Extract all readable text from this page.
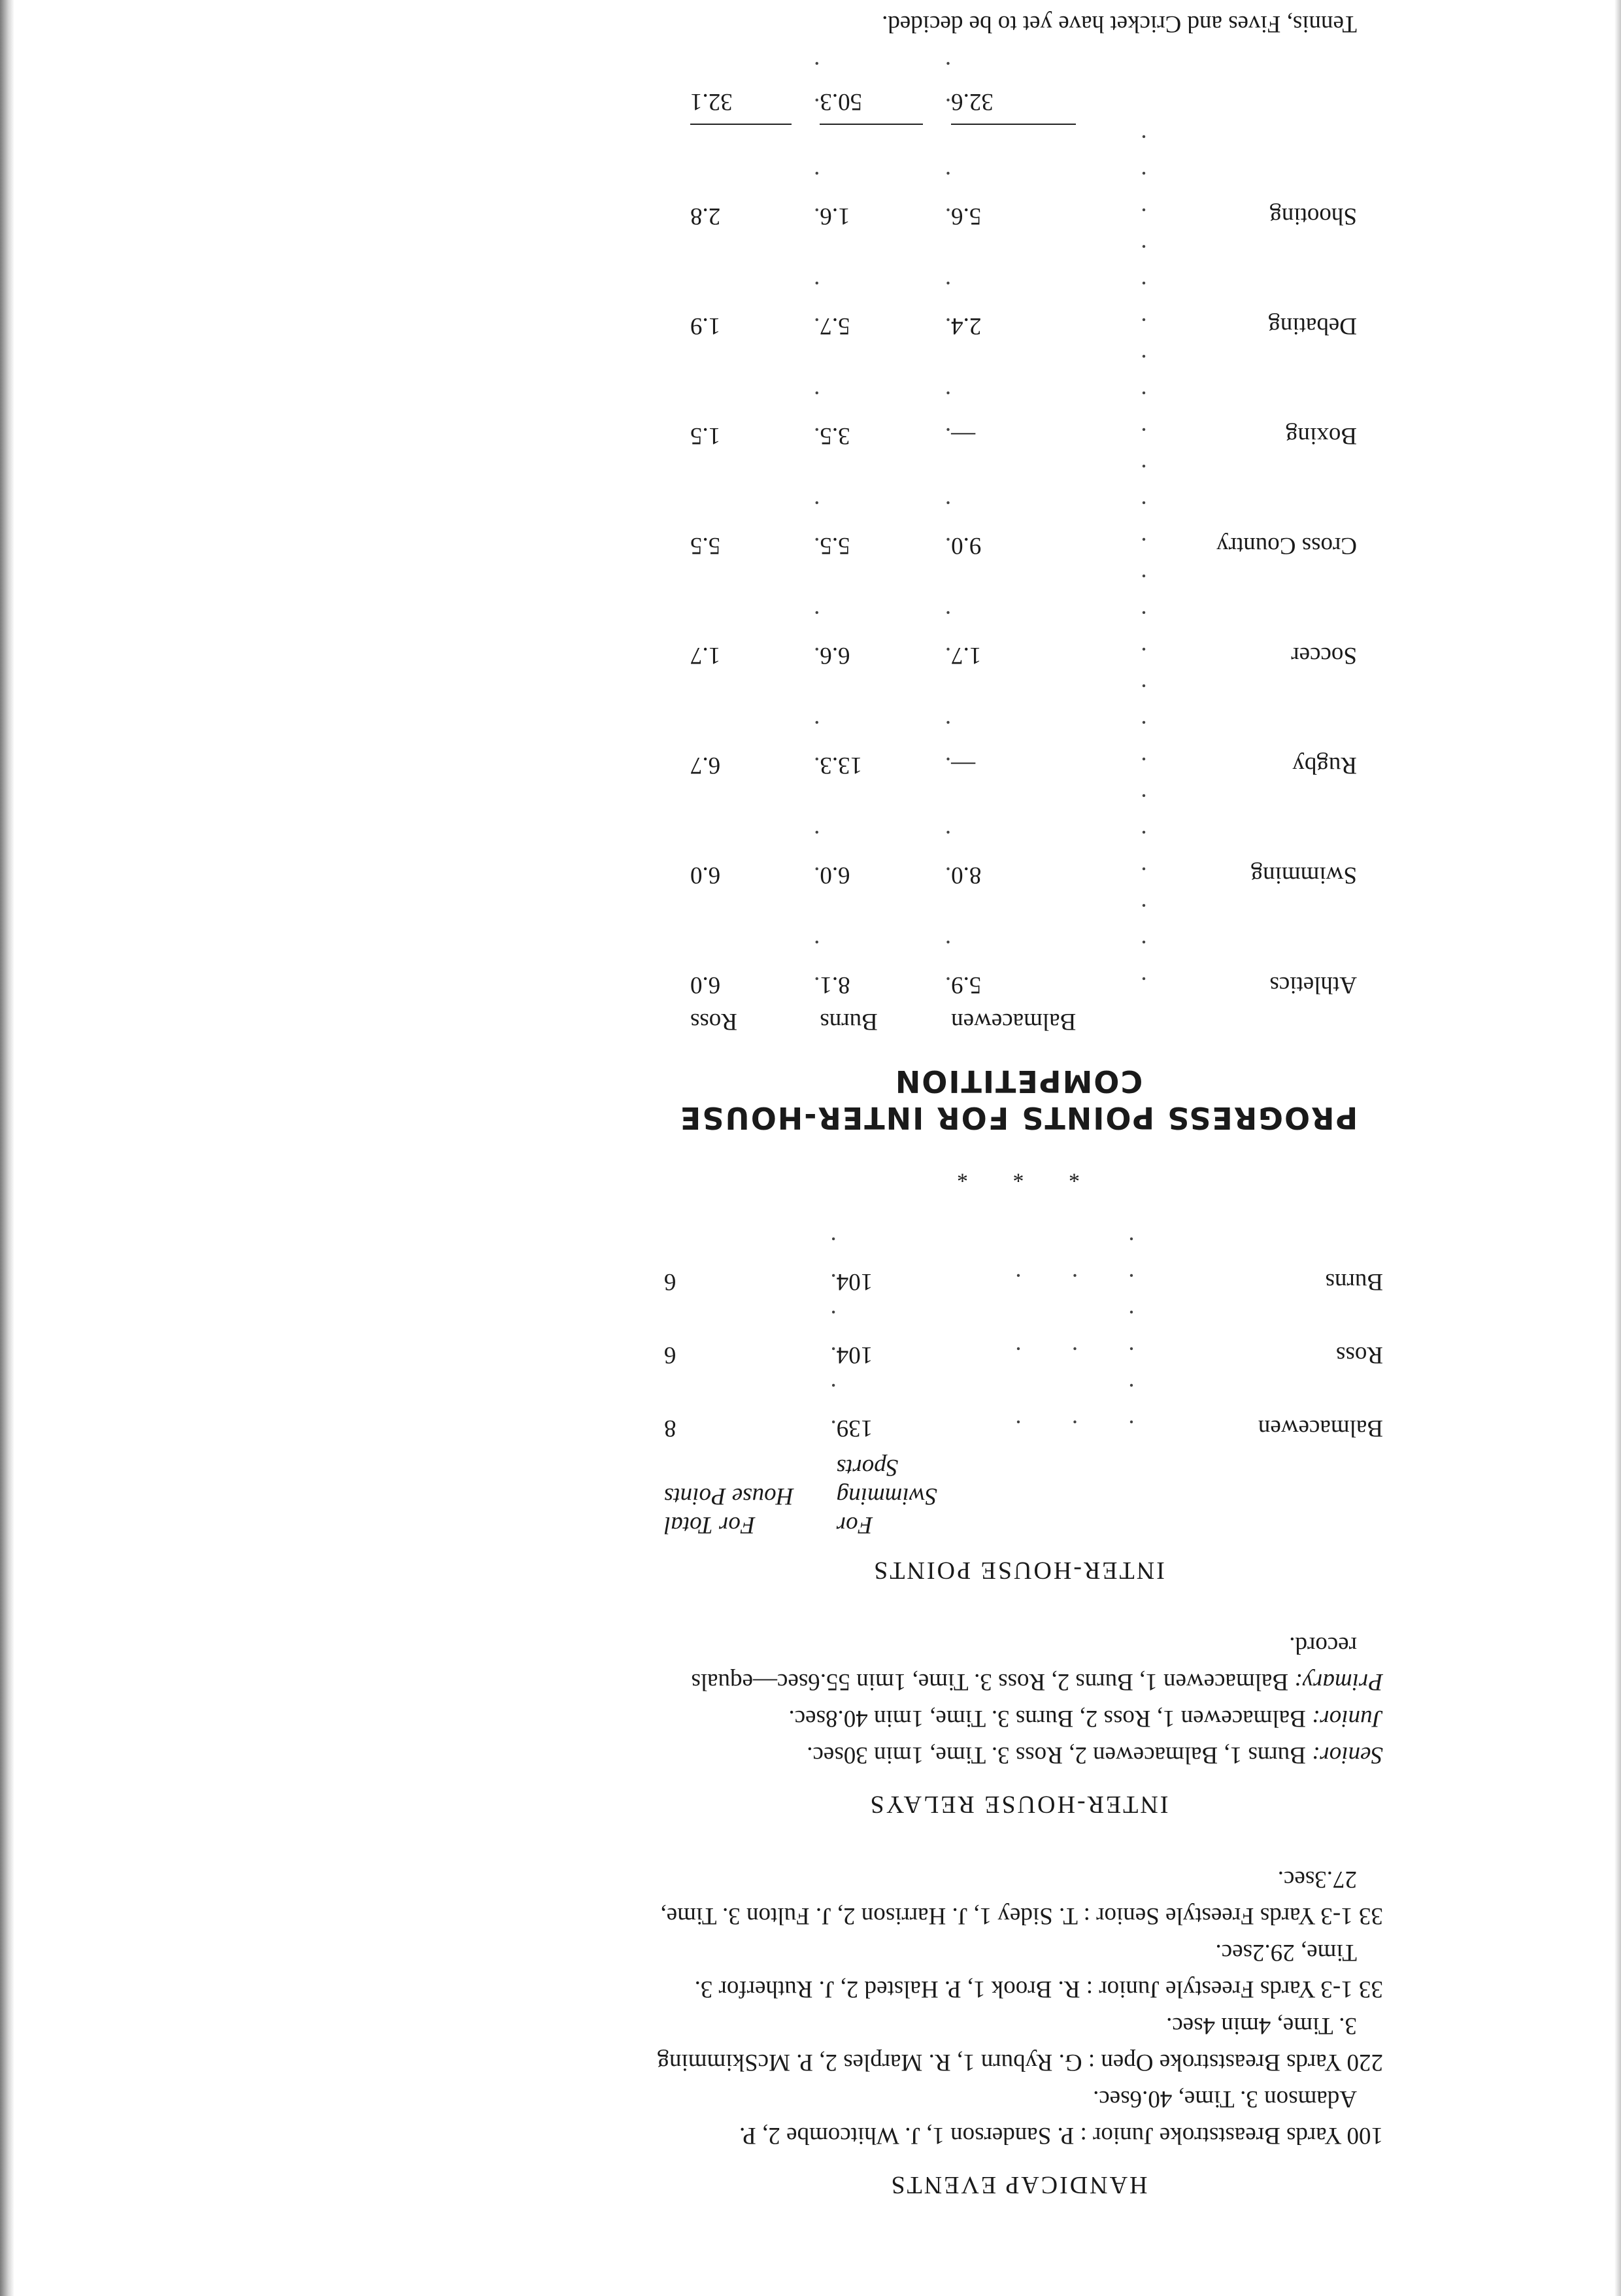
HANDICAP EVENTS

100 Yards Breaststroke Junior : P. Sanderson 1, J. Whitcombe 2, P. Adamson 3. Time, 40.6sec.

220 Yards Breaststroke Open : G. Ryburn 1, R. Marples 2, P. McSkimming 3. Time, 4min 4sec.

33 1-3 Yards Freestyle Junior : R. Brook 1, P. Halsted 2, J. Rutherfor 3. Time, 29.2sec.

33 1-3 Yards Freestyle Senior : T. Sidey 1, J. Harrison 2, J. Fulton 3. Time, 27.3sec.

INTER-HOUSE RELAYS

Senior: Burns 1, Balmacewen 2, Ross 3. Time, 1min 30sec.

Junior: Balmacewen 1, Ross 2, Burns 3. Time, 1min 40.8sec.

Primary: Balmacewen 1, Burns 2, Ross 3. Time, 1min 55.6sec—equals record.

INTER-HOUSE POINTS
		For Swimming Sports		For Total House Points
Balmacewen	. . . .	139	. .	8
Ross	. . . .	104	. .	6
Burns	. . . .	104	. .	6
* * *
PROGRESS POINTS FOR INTER-HOUSE COMPETITION
		Balmacewen		Burns		Ross
Athletics	. . .	5.9	. .	8.1	. .	6.0
Swimming	. . .	8.0	. .	6.0	. .	6.0
Rugby	. . .	—	. .	13.3	. .	6.7
Soccer	. . .	1.7	. .	6.6	. .	1.7
Cross Country	. . .	9.0	. .	5.5	. .	5.5
Boxing	. . .	—	. .	3.5	. .	1.5
Debating	. . .	2.4	. .	5.7	. .	1.9
Shooting	. . .	5.6	. .	1.6	. .	2.8
		32.6	. .	50.3	. .	32.1

Tennis, Fives and Cricket have yet to be decided.
